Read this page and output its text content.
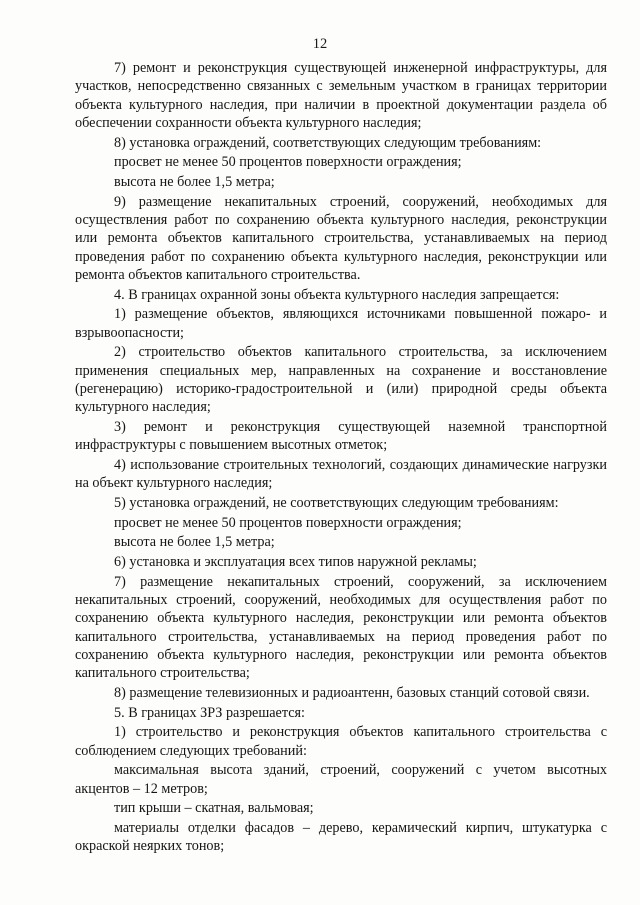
12

7) ремонт и реконструкция существующей инженерной инфраструктуры, для участков, непосредственно связанных с земельным участком в границах территории объекта культурного наследия, при наличии в проектной документации раздела об обеспечении сохранности объекта культурного наследия;

8) установка ограждений, соответствующих следующим требованиям:

просвет не менее 50 процентов поверхности ограждения;

высота не более 1,5 метра;

9) размещение некапитальных строений, сооружений, необходимых для осуществления работ по сохранению объекта культурного наследия, реконструкции или ремонта объектов капитального строительства, устанавливаемых на период проведения работ по сохранению объекта культурного наследия, реконструкции или ремонта объектов капитального строительства.

4. В границах охранной зоны объекта культурного наследия запрещается:

1) размещение объектов, являющихся источниками повышенной пожаро- и взрывоопасности;

2) строительство объектов капитального строительства, за исключением применения специальных мер, направленных на сохранение и восстановление (регенерацию) историко-градостроительной и (или) природной среды объекта культурного наследия;

3) ремонт и реконструкция существующей наземной транспортной инфраструктуры с повышением высотных отметок;

4) использование строительных технологий, создающих динамические нагрузки на объект культурного наследия;

5) установка ограждений, не соответствующих следующим требованиям:

просвет не менее 50 процентов поверхности ограждения;

высота не более 1,5 метра;

6) установка и эксплуатация всех типов наружной рекламы;

7) размещение некапитальных строений, сооружений, за исключением некапитальных строений, сооружений, необходимых для осуществления работ по сохранению объекта культурного наследия, реконструкции или ремонта объектов капитального строительства, устанавливаемых на период проведения работ по сохранению объекта культурного наследия, реконструкции или ремонта объектов капитального строительства;

8) размещение телевизионных и радиоантенн, базовых станций сотовой связи.

5. В границах ЗРЗ разрешается:

1) строительство и реконструкция объектов капитального строительства с соблюдением следующих требований:

максимальная высота зданий, строений, сооружений с учетом высотных акцентов – 12 метров;

тип крыши – скатная, вальмовая;

материалы отделки фасадов – дерево, керамический кирпич, штукатурка с окраской неярких тонов;
